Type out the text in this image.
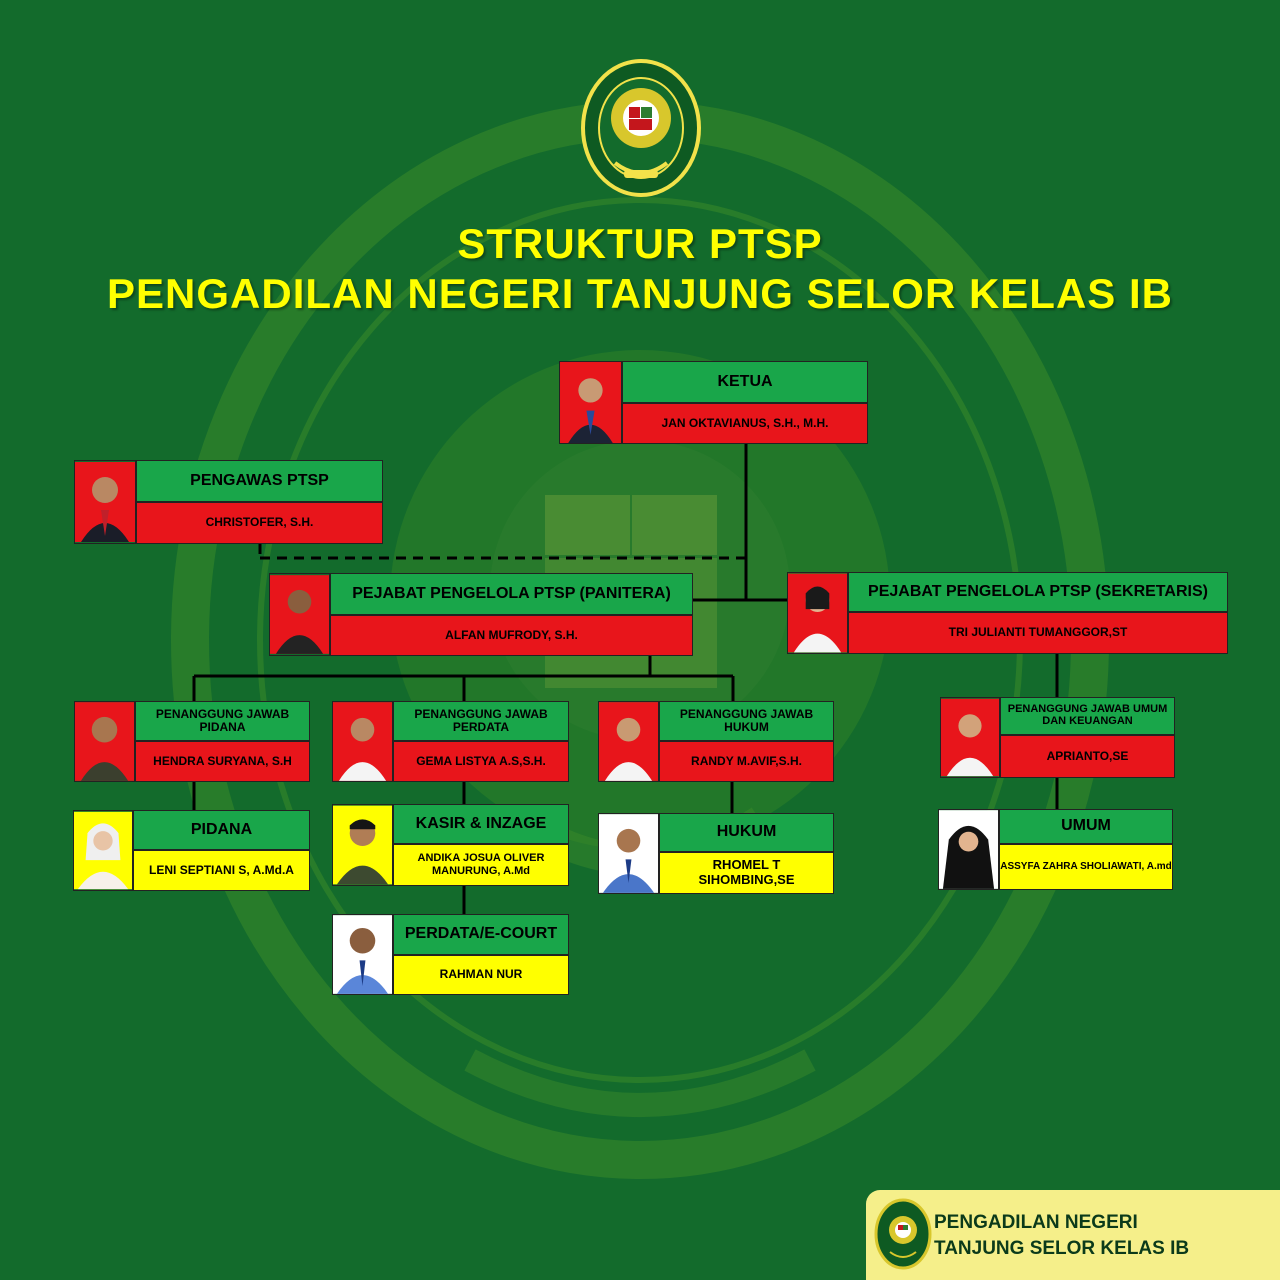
STRUKTUR PTSP
PENGADILAN NEGERI TANJUNG SELOR KELAS IB
KETUA
JAN OKTAVIANUS, S.H., M.H.
PENGAWAS PTSP
CHRISTOFER, S.H.
PEJABAT PENGELOLA PTSP (PANITERA)
ALFAN MUFRODY, S.H.
PEJABAT PENGELOLA PTSP (SEKRETARIS)
TRI JULIANTI TUMANGGOR,ST
PENANGGUNG JAWAB PIDANA
HENDRA SURYANA, S.H
PENANGGUNG JAWAB PERDATA
GEMA LISTYA A.S,S.H.
PENANGGUNG JAWAB HUKUM
RANDY M.AVIF,S.H.
PENANGGUNG JAWAB UMUM DAN KEUANGAN
APRIANTO,SE
PIDANA
LENI SEPTIANI S, A.Md.A
KASIR & INZAGE
ANDIKA JOSUA OLIVER MANURUNG, A.Md
HUKUM
RHOMEL T SIHOMBING,SE
UMUM
ASSYFA ZAHRA SHOLIAWATI, A.md
PERDATA/E-COURT
RAHMAN NUR
PENGADILAN NEGERI
TANJUNG SELOR KELAS IB
